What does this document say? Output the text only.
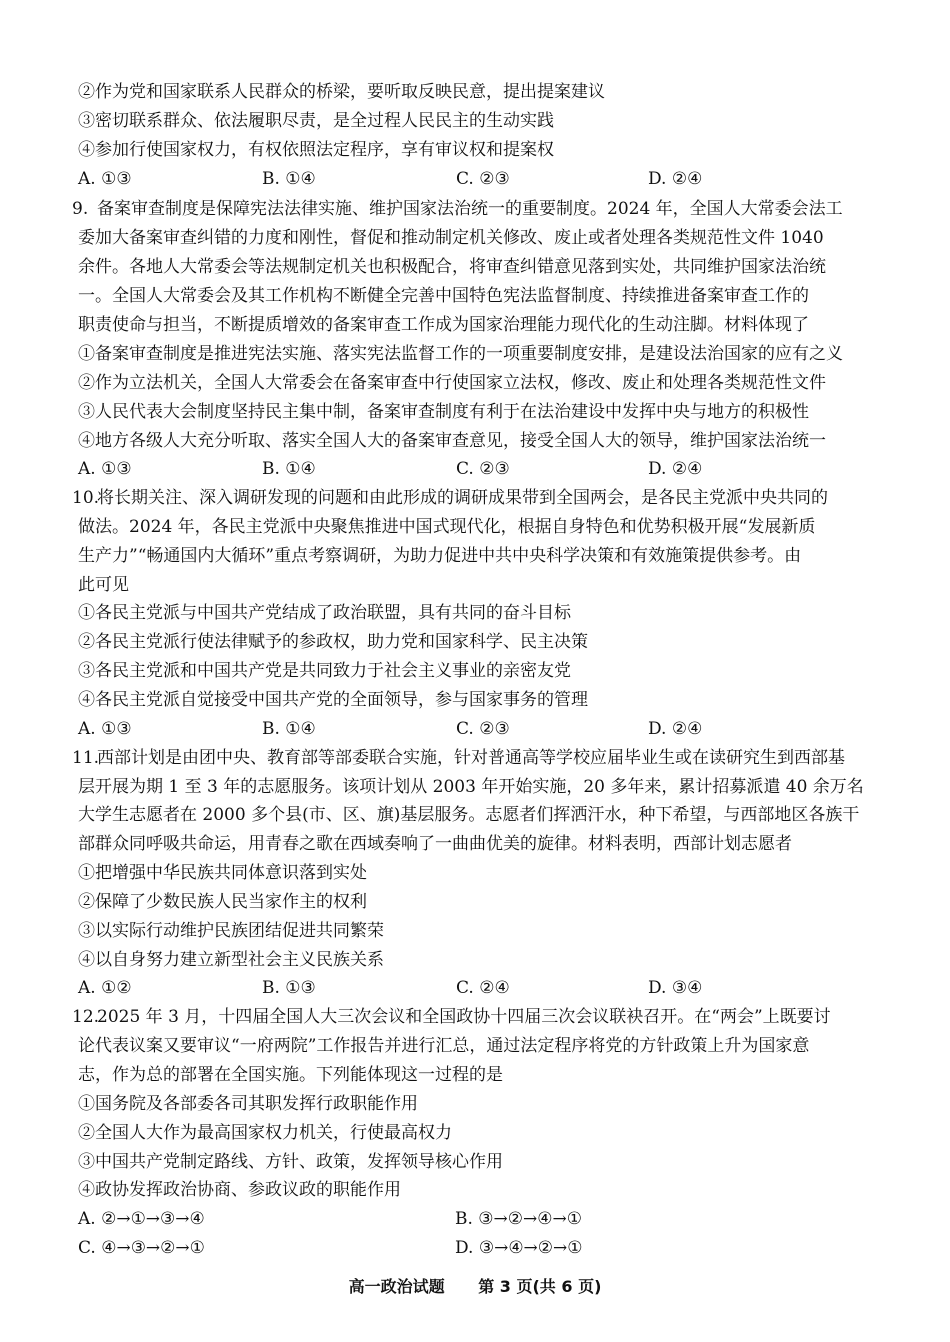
②作为党和国家联系人民群众的桥梁，要听取反映民意，提出提案建议
③密切联系群众、依法履职尽责，是全过程人民民主的生动实践
④参加行使国家权力，有权依照法定程序，享有审议权和提案权
A. ①③	B. ①④	C. ②③	D. ②④
9. 备案审查制度是保障宪法法律实施、维护国家法治统一的重要制度。2024 年，全国人大常委会法工
委加大备案审查纠错的力度和刚性，督促和推动制定机关修改、废止或者处理各类规范性文件 1040
余件。各地人大常委会等法规制定机关也积极配合，将审查纠错意见落到实处，共同维护国家法治统
一。全国人大常委会及其工作机构不断健全完善中国特色宪法监督制度、持续推进备案审查工作的
职责使命与担当，不断提质增效的备案审查工作成为国家治理能力现代化的生动注脚。材料体现了
①备案审查制度是推进宪法实施、落实宪法监督工作的一项重要制度安排，是建设法治国家的应有之义
②作为立法机关，全国人大常委会在备案审查中行使国家立法权，修改、废止和处理各类规范性文件
③人民代表大会制度坚持民主集中制，备案审查制度有利于在法治建设中发挥中央与地方的积极性
④地方各级人大充分听取、落实全国人大的备案审查意见，接受全国人大的领导，维护国家法治统一
A. ①③	B. ①④	C. ②③	D. ②④
10.
将长期关注、深入调研发现的问题和由此形成的调研成果带到全国两会，是各民主党派中央共同的
做法。2024 年，各民主党派中央聚焦推进中国式现代化，根据自身特色和优势积极开展“发展新质
生产力”“畅通国内大循环”重点考察调研，为助力促进中共中央科学决策和有效施策提供参考。由
此可见
①各民主党派与中国共产党结成了政治联盟，具有共同的奋斗目标
②各民主党派行使法律赋予的参政权，助力党和国家科学、民主决策
③各民主党派和中国共产党是共同致力于社会主义事业的亲密友党
④各民主党派自觉接受中国共产党的全面领导，参与国家事务的管理
A. ①③	B. ①④	C. ②③	D. ②④
11.
西部计划是由团中央、教育部等部委联合实施，针对普通高等学校应届毕业生或在读研究生到西部基
层开展为期 1 至 3 年的志愿服务。该项计划从 2003 年开始实施，20 多年来，累计招募派遣 40 余万名
大学生志愿者在 2000 多个县(市、区、旗)基层服务。志愿者们挥洒汗水，种下希望，与西部地区各族干
部群众同呼吸共命运，用青春之歌在西域奏响了一曲曲优美的旋律。材料表明，西部计划志愿者
①把增强中华民族共同体意识落到实处
②保障了少数民族人民当家作主的权利
③以实际行动维护民族团结促进共同繁荣
④以自身努力建立新型社会主义民族关系
A. ①②	B. ①③	C. ②④	D. ③④
12.
2025 年 3 月，十四届全国人大三次会议和全国政协十四届三次会议联袂召开。在“两会”上既要讨
论代表议案又要审议“一府两院”工作报告并进行汇总，通过法定程序将党的方针政策上升为国家意
志，作为总的部署在全国实施。下列能体现这一过程的是
①国务院及各部委各司其职发挥行政职能作用
②全国人大作为最高国家权力机关，行使最高权力
③中国共产党制定路线、方针、政策，发挥领导核心作用
④政协发挥政治协商、参政议政的职能作用
A. ②→①→③→④	B. ③→②→④→①
C. ④→③→②→①	D. ③→④→②→①
高一政治试题 第 3 页(共 6 页)
